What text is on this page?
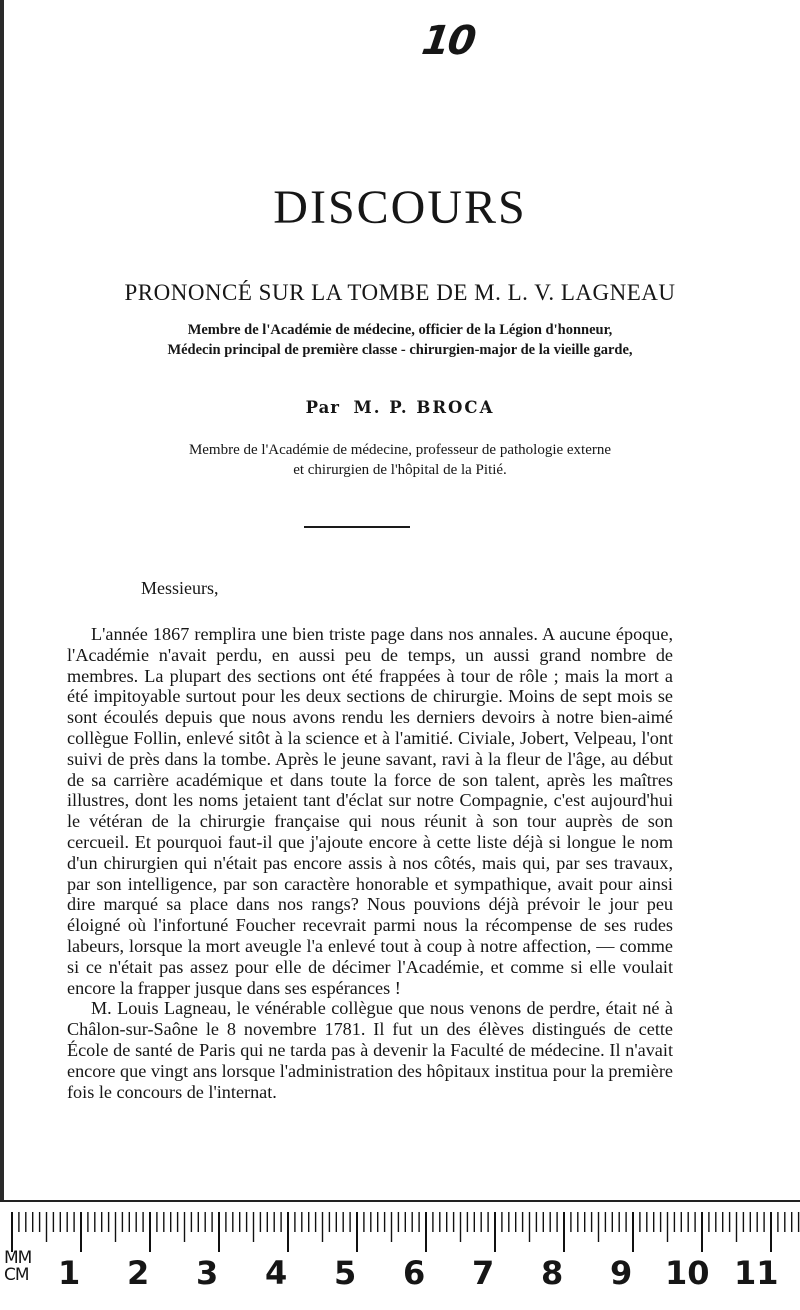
10
DISCOURS
PRONONCÉ SUR LA TOMBE DE M. L. V. LAGNEAU
Membre de l'Académie de médecine, officier de la Légion d'honneur,
Médecin principal de première classe - chirurgien-major de la vieille garde,
Par M. P. BROCA
Membre de l'Académie de médecine, professeur de pathologie externe
et chirurgien de l'hôpital de la Pitié.
Messieurs,

L'année 1867 remplira une bien triste page dans nos annales. A aucune époque, l'Académie n'avait perdu, en aussi peu de temps, un aussi grand nombre de membres. La plupart des sections ont été frappées à tour de rôle ; mais la mort a été impitoyable surtout pour les deux sections de chirurgie. Moins de sept mois se sont écoulés depuis que nous avons rendu les derniers devoirs à notre bien-aimé collègue Follin, enlevé sitôt à la science et à l'amitié. Civiale, Jobert, Velpeau, l'ont suivi de près dans la tombe. Après le jeune savant, ravi à la fleur de l'âge, au début de sa carrière académique et dans toute la force de son talent, après les maîtres illustres, dont les noms jetaient tant d'éclat sur notre Compagnie, c'est aujourd'hui le vétéran de la chirurgie française qui nous réunit à son tour auprès de son cercueil. Et pourquoi faut-il que j'ajoute encore à cette liste déjà si longue le nom d'un chirurgien qui n'était pas encore assis à nos côtés, mais qui, par ses travaux, par son intelligence, par son caractère honorable et sympathique, avait pour ainsi dire marqué sa place dans nos rangs? Nous pouvions déjà prévoir le jour peu éloigné où l'infortuné Foucher recevrait parmi nous la récompense de ses rudes labeurs, lorsque la mort aveugle l'a enlevé tout à coup à notre affection, — comme si ce n'était pas assez pour elle de décimer l'Académie, et comme si elle voulait encore la frapper jusque dans ses espérances !

M. Louis Lagneau, le vénérable collègue que nous venons de perdre, était né à Châlon-sur-Saône le 8 novembre 1781. Il fut un des élèves distingués de cette École de santé de Paris qui ne tarda pas à devenir la Faculté de médecine. Il n'avait encore que vingt ans lorsque l'administration des hôpitaux institua pour la première fois le concours de l'internat.

MM
CM 1 2 3 4 5 6 7 8 9 10 11
